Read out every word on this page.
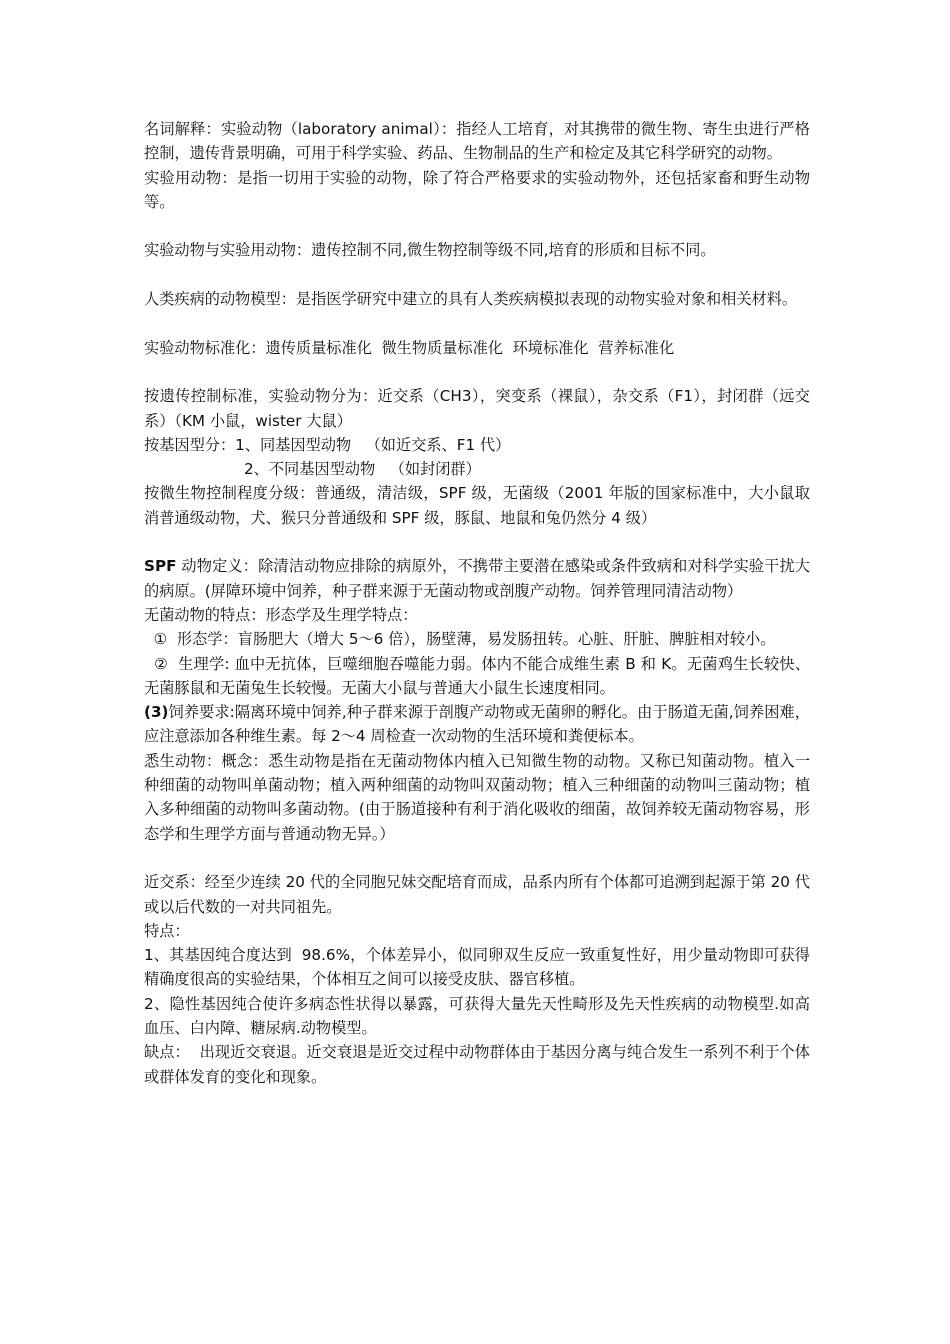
名词解释：实验动物（laboratory animal）：指经人工培育，对其携带的微生物、寄生虫进行严格控制，遗传背景明确，可用于科学实验、药品、生物制品的生产和检定及其它科学研究的动物。

实验用动物：是指一切用于实验的动物，除了符合严格要求的实验动物外，还包括家畜和野生动物等。

实验动物与实验用动物：遗传控制不同,微生物控制等级不同,培育的形质和目标不同。

人类疾病的动物模型：是指医学研究中建立的具有人类疾病模拟表现的动物实验对象和相关材料。

实验动物标准化：遗传质量标准化  微生物质量标准化  环境标准化  营养标准化

按遗传控制标准，实验动物分为：近交系（CH3），突变系（裸鼠），杂交系（F1），封闭群（远交系）（KM 小鼠，wister 大鼠）

按基因型分：1、同基因型动物   （如近交系、F1 代）

2、不同基因型动物   （如封闭群）

按微生物控制程度分级：普通级，清洁级，SPF 级，无菌级（2001 年版的国家标准中，大小鼠取消普通级动物，犬、猴只分普通级和 SPF 级，豚鼠、地鼠和兔仍然分 4 级）

SPF 动物定义：除清洁动物应排除的病原外，不携带主要潜在感染或条件致病和对科学实验干扰大的病原。(屏障环境中饲养，种子群来源于无菌动物或剖腹产动物。饲养管理同清洁动物）

无菌动物的特点：形态学及生理学特点：

①  形态学：盲肠肥大（增大 5～6 倍），肠壁薄，易发肠扭转。心脏、肝脏、脾脏相对较小。

②  生理学: 血中无抗体，巨噬细胞吞噬能力弱。体内不能合成维生素 B 和 K。无菌鸡生长较快、无菌豚鼠和无菌兔生长较慢。无菌大小鼠与普通大小鼠生长速度相同。

(3)饲养要求:隔离环境中饲养,种子群来源于剖腹产动物或无菌卵的孵化。由于肠道无菌,饲养困难，应注意添加各种维生素。每 2～4 周检查一次动物的生活环境和粪便标本。

悉生动物：概念：悉生动物是指在无菌动物体内植入已知微生物的动物。又称已知菌动物。植入一种细菌的动物叫单菌动物；植入两种细菌的动物叫双菌动物；植入三种细菌的动物叫三菌动物；植入多种细菌的动物叫多菌动物。(由于肠道接种有利于消化吸收的细菌，故饲养较无菌动物容易，形态学和生理学方面与普通动物无异。）

近交系：经至少连续 20 代的全同胞兄妹交配培育而成，品系内所有个体都可追溯到起源于第 20 代或以后代数的一对共同祖先。

特点：

1、其基因纯合度达到  98.6%，个体差异小，似同卵双生反应一致重复性好，用少量动物即可获得精确度很高的实验结果，个体相互之间可以接受皮肤、器官移植。

2、隐性基因纯合使许多病态性状得以暴露，可获得大量先天性畸形及先天性疾病的动物模型.如高血压、白内障、糖尿病.动物模型。

缺点：  出现近交衰退。近交衰退是近交过程中动物群体由于基因分离与纯合发生一系列不利于个体或群体发育的变化和现象。
